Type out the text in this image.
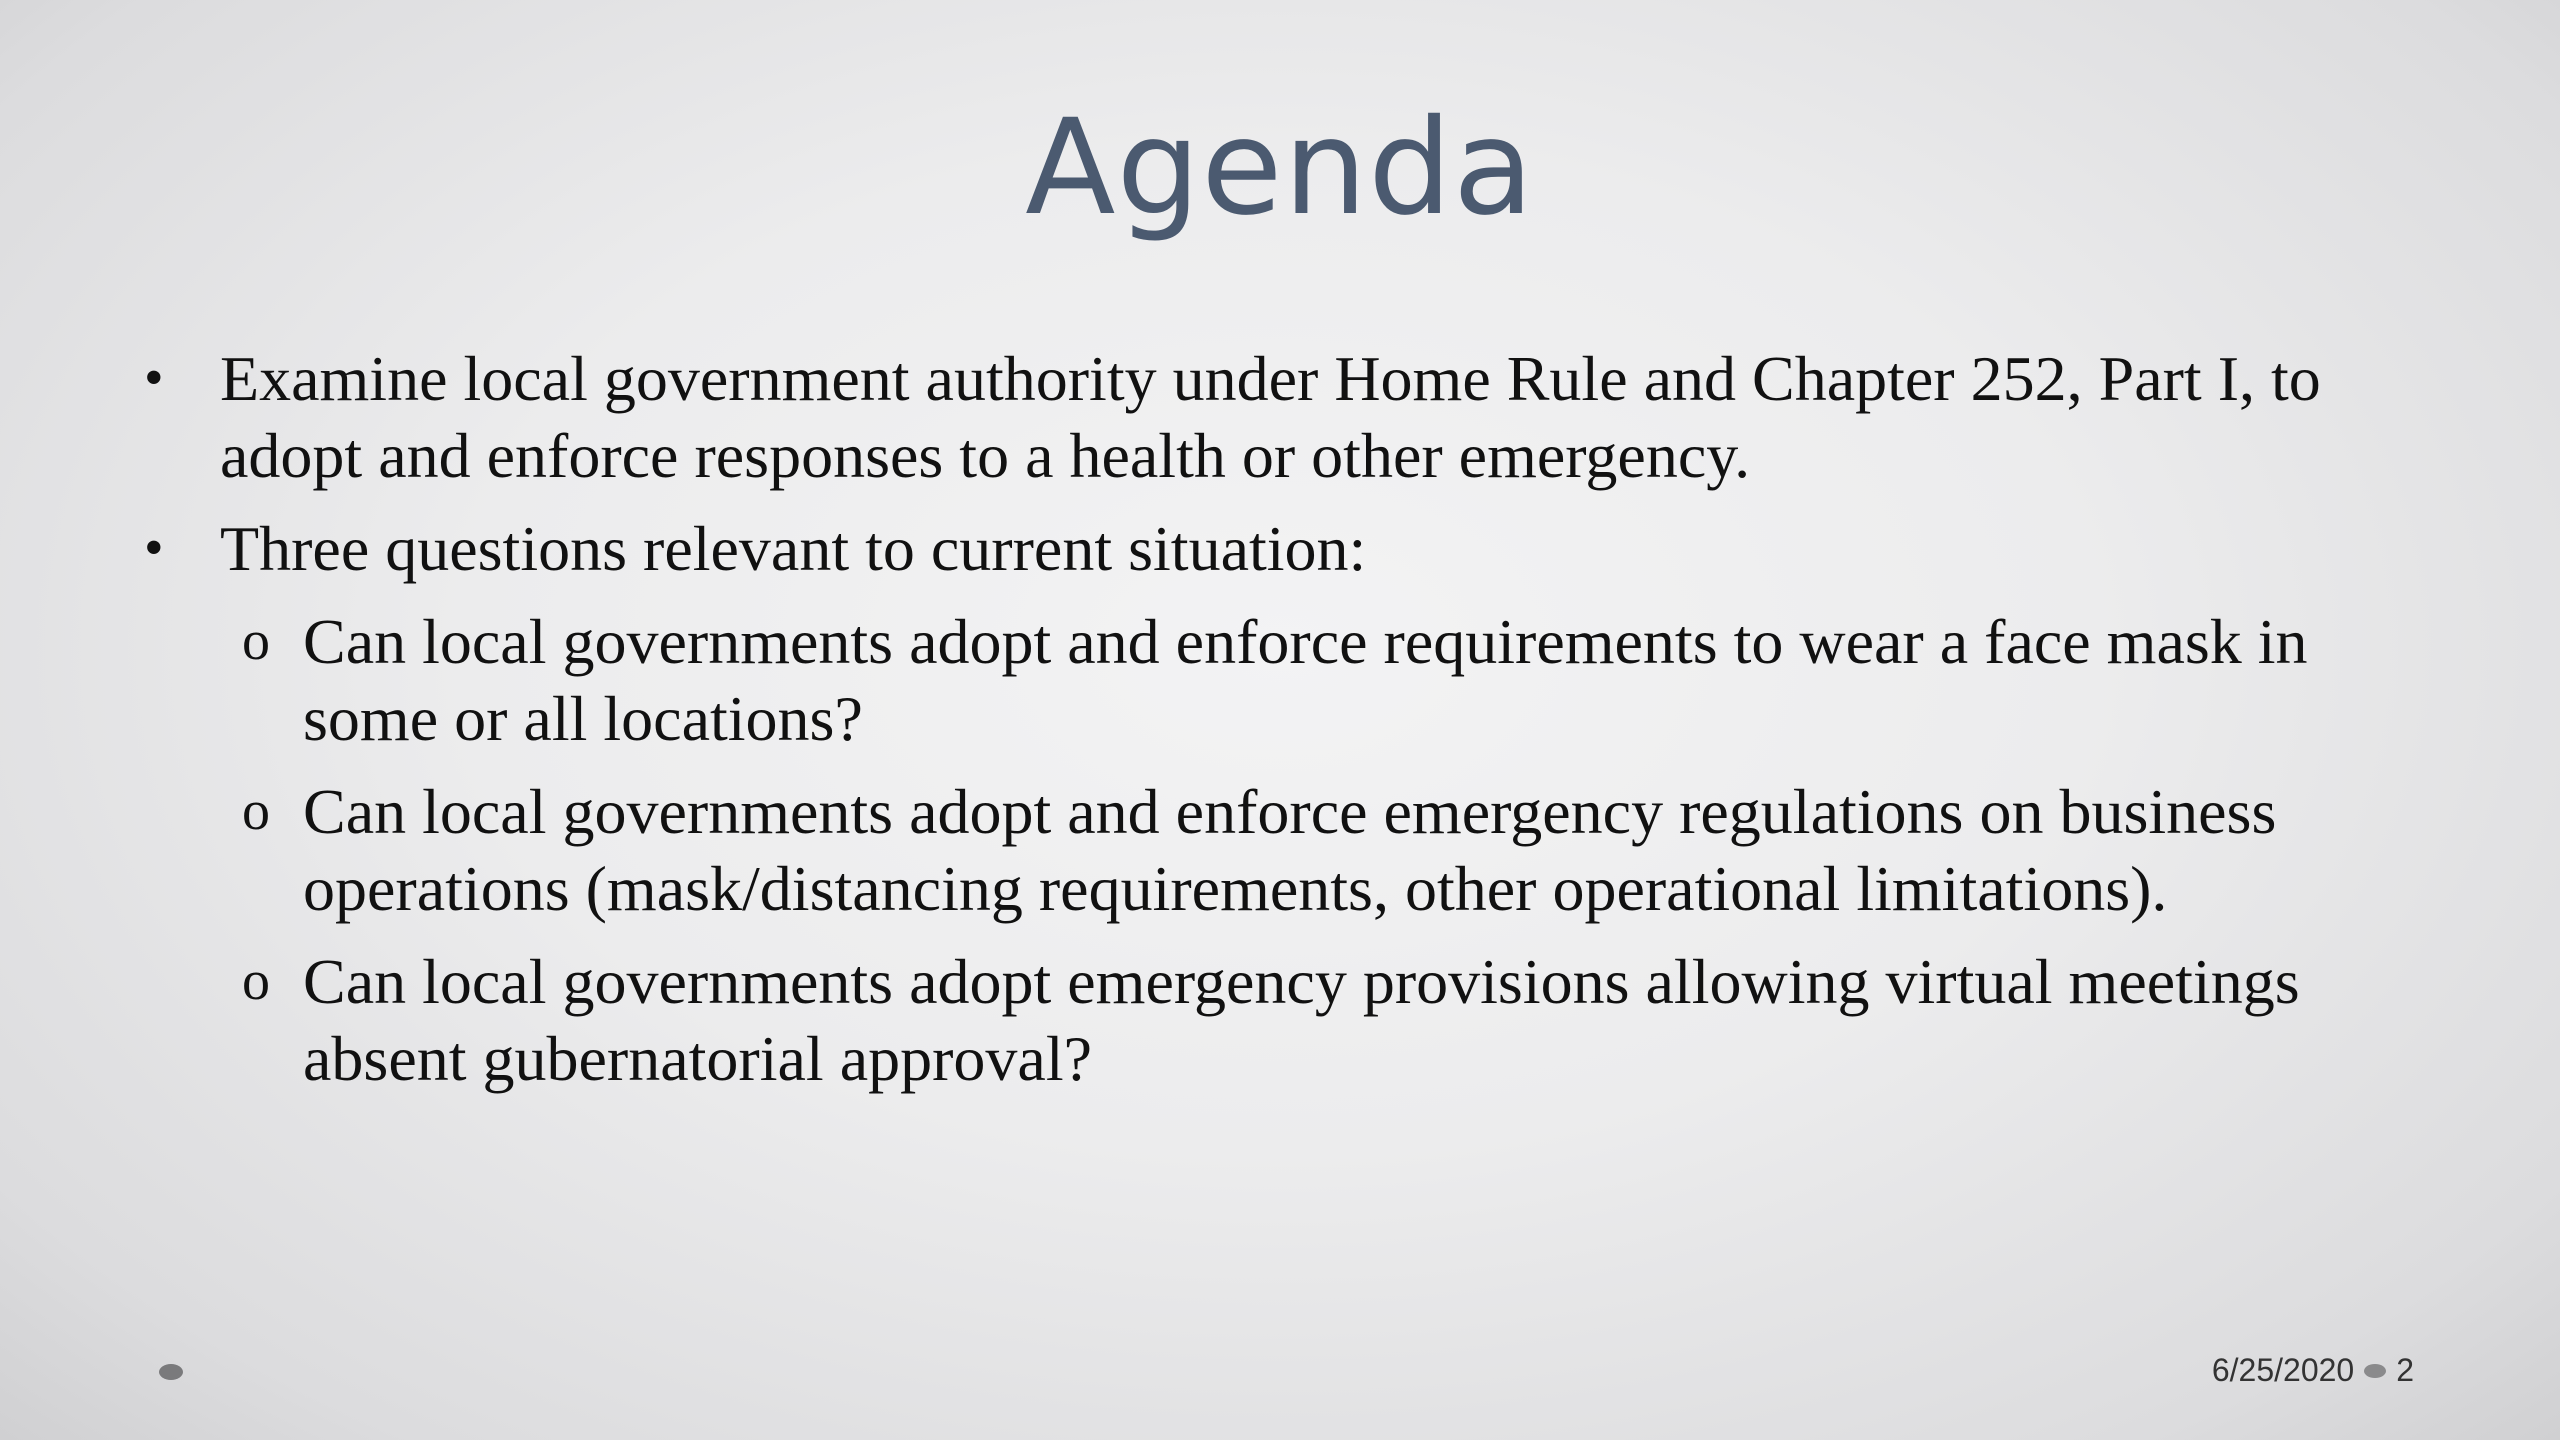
Agenda
• Examine local government authority under Home Rule and Chapter 252, Part I, to adopt and enforce responses to a health or other emergency.
• Three questions relevant to current situation:
o Can local governments adopt and enforce requirements to wear a face mask in some or all locations?
o Can local governments adopt and enforce emergency regulations on business operations (mask/distancing requirements, other operational limitations).
o Can local governments adopt emergency provisions allowing virtual meetings absent gubernatorial approval?
6/25/2020 2
